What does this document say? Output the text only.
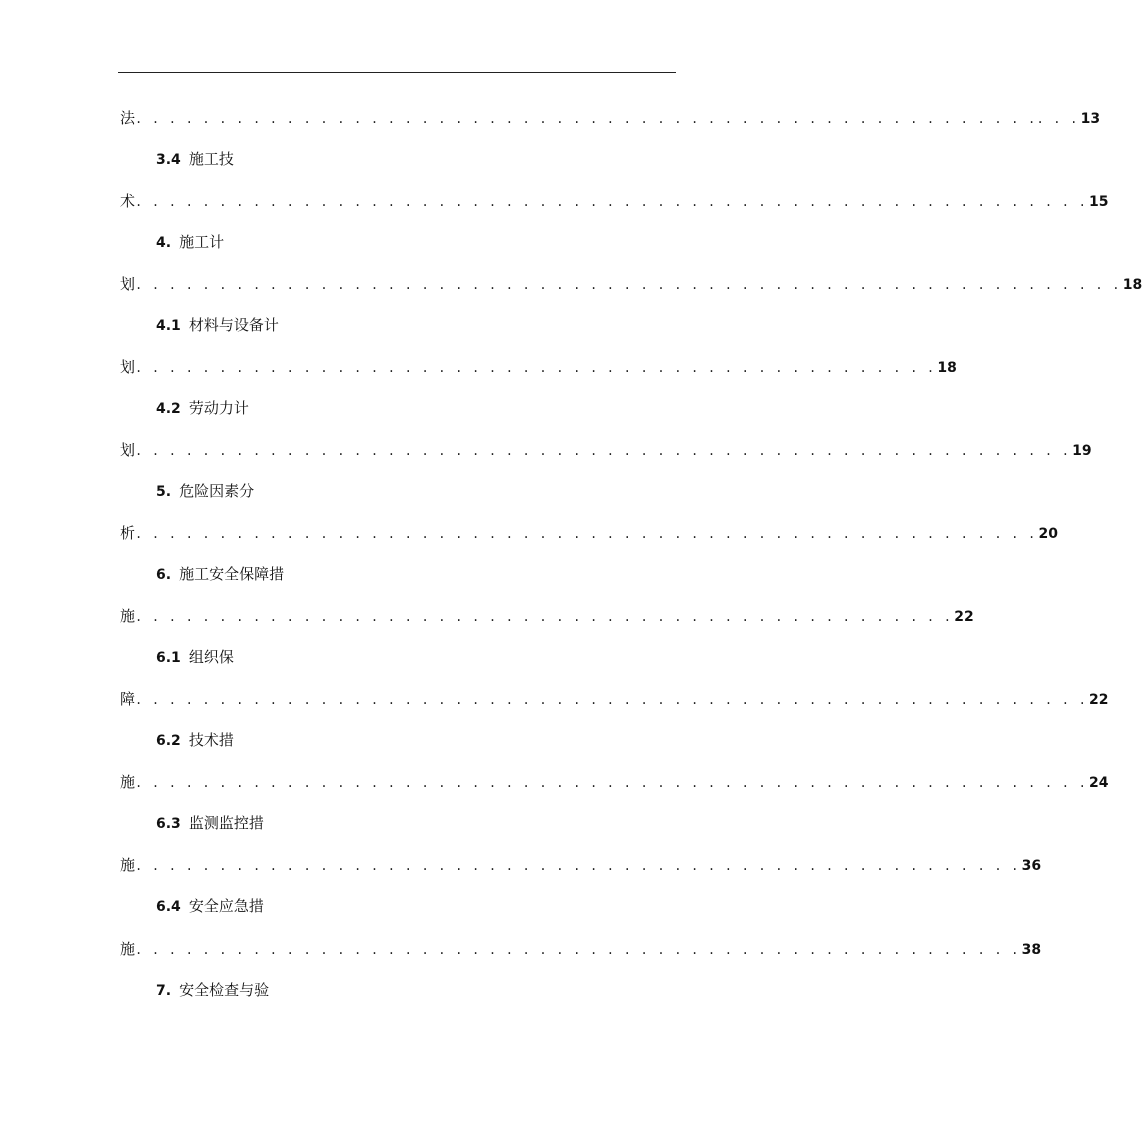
法. . . . . . . . . . . . . . . . . . . . . . . . . . . . . . . . . . . . . . . . . . . . . . . . . . . . . .. . . 13
3.4 施工技
术. . . . . . . . . . . . . . . . . . . . . . . . . . . . . . . . . . . . . . . . . . . . . . . . . . . . . . . . . 15
4. 施工计
划. . . . . . . . . . . . . . . . . . . . . . . . . . . . . . . . . . . . . . . . . . . . . . . . . . . . . . . . . . . 18
4.1 材料与设备计
划. . . . . . . . . . . . . . . . . . . . . . . . . . . . . . . . . . . . . . . . . . . . . . . . 18
4.2 劳动力计
划. . . . . . . . . . . . . . . . . . . . . . . . . . . . . . . . . . . . . . . . . . . . . . . . . . . . . . . . 19
5. 危险因素分
析. . . . . . . . . . . . . . . . . . . . . . . . . . . . . . . . . . . . . . . . . . . . . . . . . . . . . . 20
6. 施工安全保障措
施. . . . . . . . . . . . . . . . . . . . . . . . . . . . . . . . . . . . . . . . . . . . . . . . . 22
6.1 组织保
障. . . . . . . . . . . . . . . . . . . . . . . . . . . . . . . . . . . . . . . . . . . . . . . . . . . . . . . . . 22
6.2 技术措
施. . . . . . . . . . . . . . . . . . . . . . . . . . . . . . . . . . . . . . . . . . . . . . . . . . . . . . . . . 24
6.3 监测监控措
施. . . . . . . . . . . . . . . . . . . . . . . . . . . . . . . . . . . . . . . . . . . . . . . . . . . . . 36
6.4 安全应急措
施. . . . . . . . . . . . . . . . . . . . . . . . . . . . . . . . . . . . . . . . . . . . . . . . . . . . . 38
7. 安全检查与验
